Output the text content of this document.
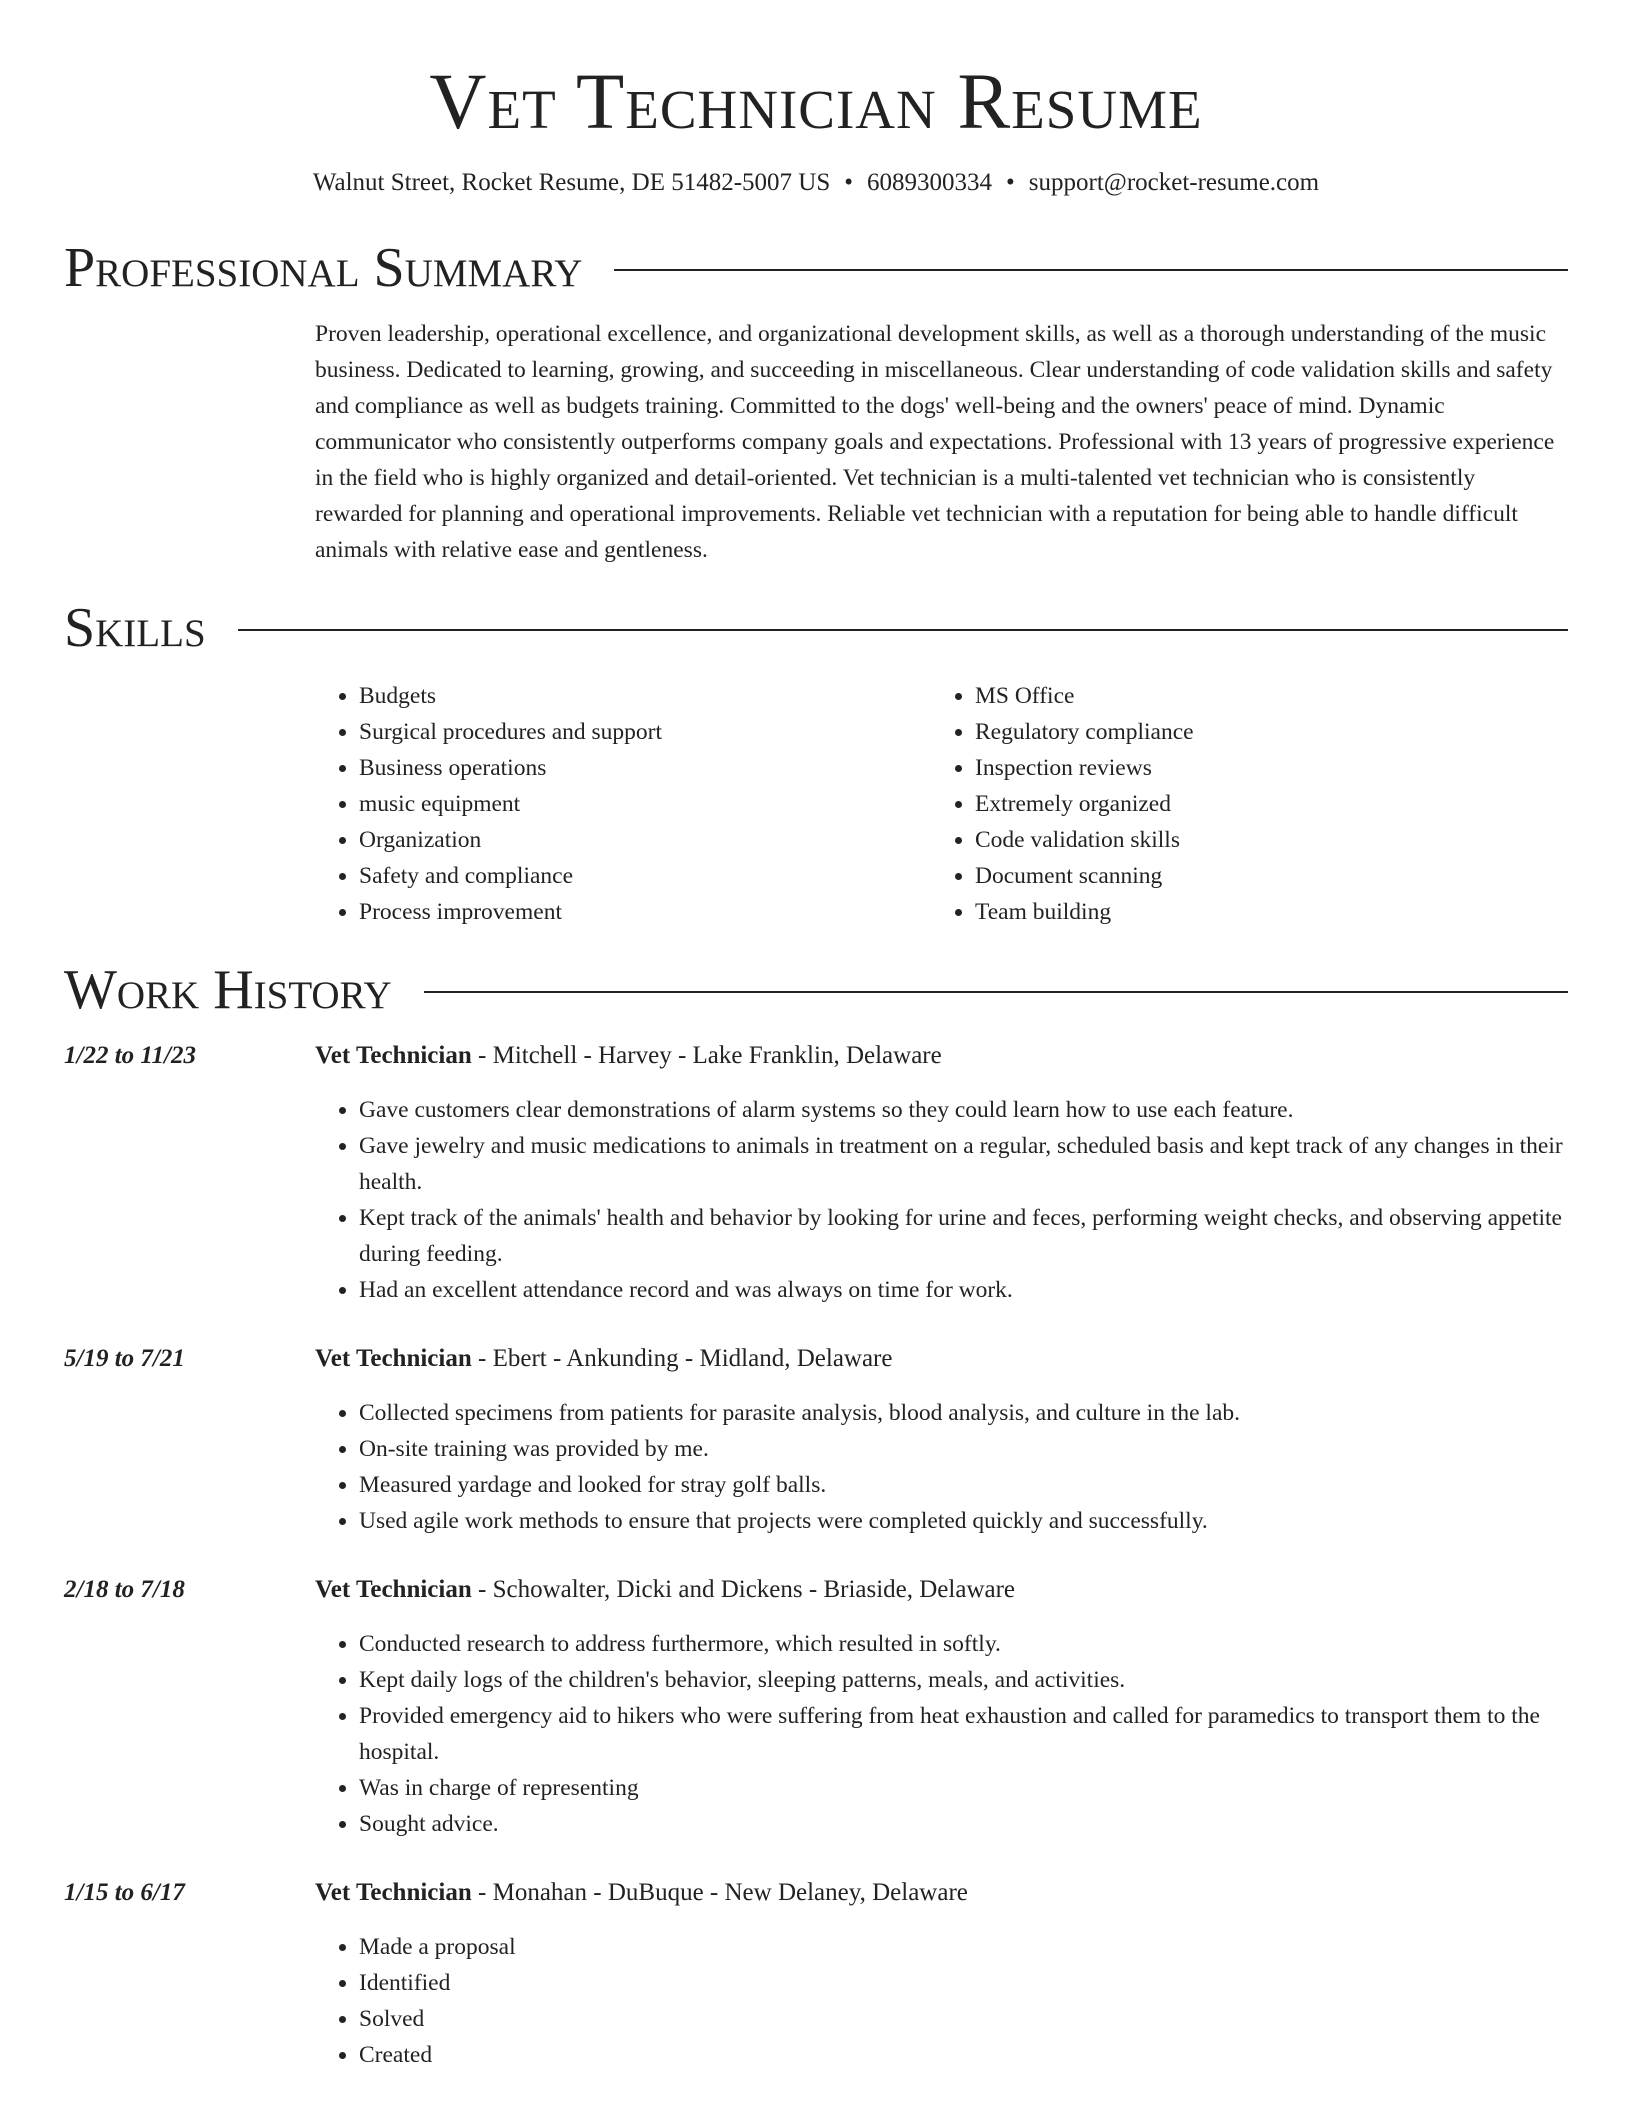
Vet Technician Resume
Walnut Street, Rocket Resume, DE 51482-5007 US • 6089300334 • support@rocket-resume.com
Professional Summary
Proven leadership, operational excellence, and organizational development skills, as well as a thorough understanding of the music business. Dedicated to learning, growing, and succeeding in miscellaneous. Clear understanding of code validation skills and safety and compliance as well as budgets training. Committed to the dogs' well-being and the owners' peace of mind. Dynamic communicator who consistently outperforms company goals and expectations. Professional with 13 years of progressive experience in the field who is highly organized and detail-oriented. Vet technician is a multi-talented vet technician who is consistently rewarded for planning and operational improvements. Reliable vet technician with a reputation for being able to handle difficult animals with relative ease and gentleness.
Skills
• Budgets
• Surgical procedures and support
• Business operations
• music equipment
• Organization
• Safety and compliance
• Process improvement
• MS Office
• Regulatory compliance
• Inspection reviews
• Extremely organized
• Code validation skills
• Document scanning
• Team building
Work History
1/22 to 11/23	Vet Technician - Mitchell - Harvey - Lake Franklin, Delaware
• Gave customers clear demonstrations of alarm systems so they could learn how to use each feature.
• Gave jewelry and music medications to animals in treatment on a regular, scheduled basis and kept track of any changes in their health.
• Kept track of the animals' health and behavior by looking for urine and feces, performing weight checks, and observing appetite during feeding.
• Had an excellent attendance record and was always on time for work.
5/19 to 7/21	Vet Technician - Ebert - Ankunding - Midland, Delaware
• Collected specimens from patients for parasite analysis, blood analysis, and culture in the lab.
• On-site training was provided by me.
• Measured yardage and looked for stray golf balls.
• Used agile work methods to ensure that projects were completed quickly and successfully.
2/18 to 7/18	Vet Technician - Schowalter, Dicki and Dickens - Briaside, Delaware
• Conducted research to address furthermore, which resulted in softly.
• Kept daily logs of the children's behavior, sleeping patterns, meals, and activities.
• Provided emergency aid to hikers who were suffering from heat exhaustion and called for paramedics to transport them to the hospital.
• Was in charge of representing
• Sought advice.
1/15 to 6/17	Vet Technician - Monahan - DuBuque - New Delaney, Delaware
• Made a proposal
• Identified
• Solved
• Created
